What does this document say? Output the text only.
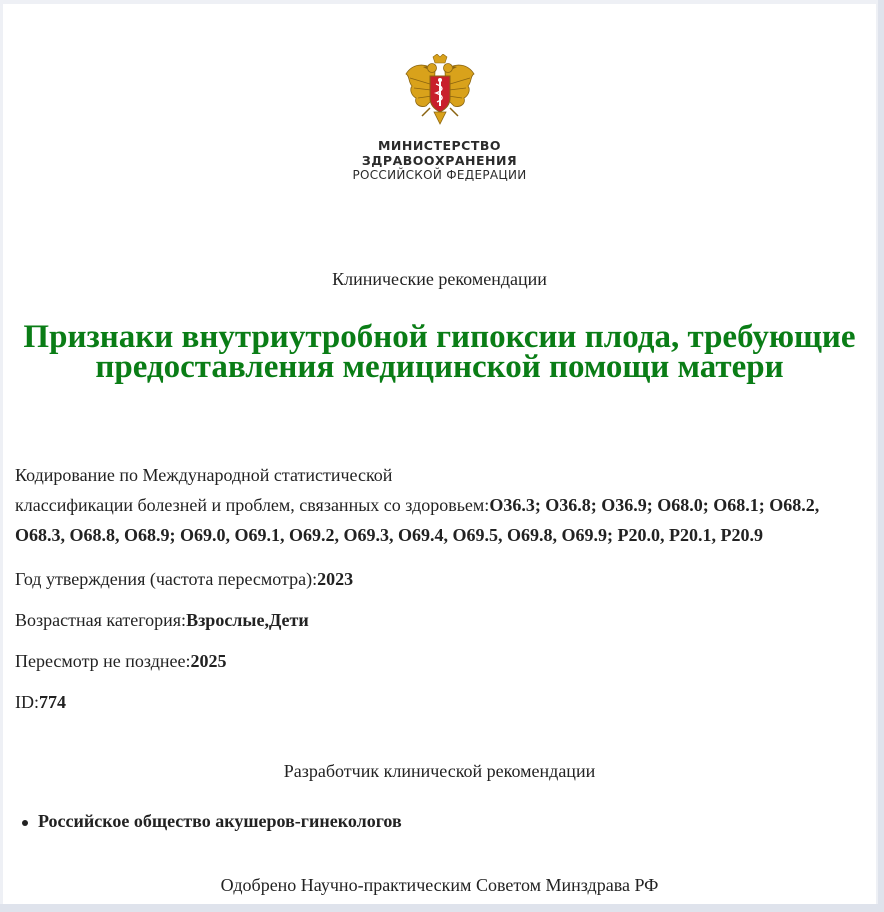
МИНИСТЕРСТВО
ЗДРАВООХРАНЕНИЯ
РОССИЙСКОЙ ФЕДЕРАЦИИ
Клинические рекомендации
Признаки внутриутробной гипоксии плода, требующие предоставления медицинской помощи матери

Кодирование по Международной статистической
классификации болезней и проблем, связанных со здоровьем:O36.3; O36.8; O36.9; O68.0; O68.1; O68.2, O68.3, O68.8, O68.9; O69.0, O69.1, O69.2, O69.3, O69.4, O69.5, O69.8, O69.9; P20.0, P20.1, P20.9

Год утверждения (частота пересмотра):2023

Возрастная категория:Взрослые,Дети

Пересмотр не позднее:2025

ID:774

Разработчик клинической рекомендации
Российское общество акушеров-гинекологов
Одобрено Научно-практическим Советом Минздрава РФ
